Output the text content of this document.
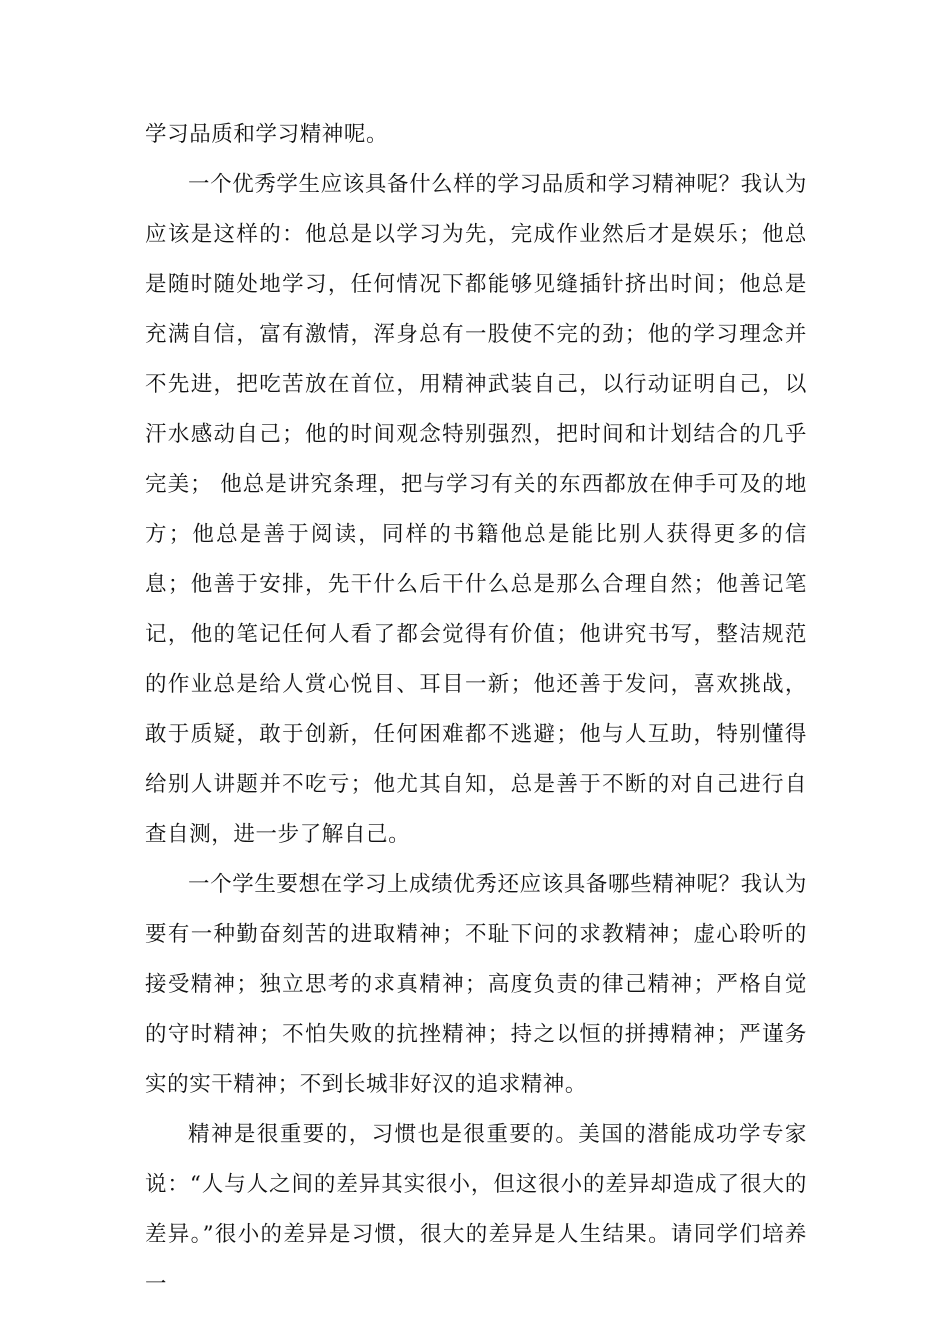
学习品质和学习精神呢。

一个优秀学生应该具备什么样的学习品质和学习精神呢？我认为应该是这样的：他总是以学习为先，完成作业然后才是娱乐；他总是随时随处地学习，任何情况下都能够见缝插针挤出时间；他总是充满自信，富有激情，浑身总有一股使不完的劲；他的学习理念并不先进，把吃苦放在首位，用精神武装自己，以行动证明自己，以汗水感动自己；他的时间观念特别强烈，把时间和计划结合的几乎完美； 他总是讲究条理，把与学习有关的东西都放在伸手可及的地方；他总是善于阅读，同样的书籍他总是能比别人获得更多的信息；他善于安排，先干什么后干什么总是那么合理自然；他善记笔记，他的笔记任何人看了都会觉得有价值；他讲究书写，整洁规范的作业总是给人赏心悦目、耳目一新；他还善于发问，喜欢挑战，敢于质疑，敢于创新，任何困难都不逃避；他与人互助，特别懂得给别人讲题并不吃亏；他尤其自知，总是善于不断的对自己进行自查自测，进一步了解自己。

一个学生要想在学习上成绩优秀还应该具备哪些精神呢？我认为要有一种勤奋刻苦的进取精神；不耻下问的求教精神；虚心聆听的接受精神；独立思考的求真精神；高度负责的律己精神；严格自觉的守时精神；不怕失败的抗挫精神；持之以恒的拼搏精神；严谨务实的实干精神；不到长城非好汉的追求精神。

精神是很重要的，习惯也是很重要的。美国的潜能成功学专家说：“人与人之间的差异其实很小，但这很小的差异却造成了很大的差异。”很小的差异是习惯，很大的差异是人生结果。请同学们培养一
